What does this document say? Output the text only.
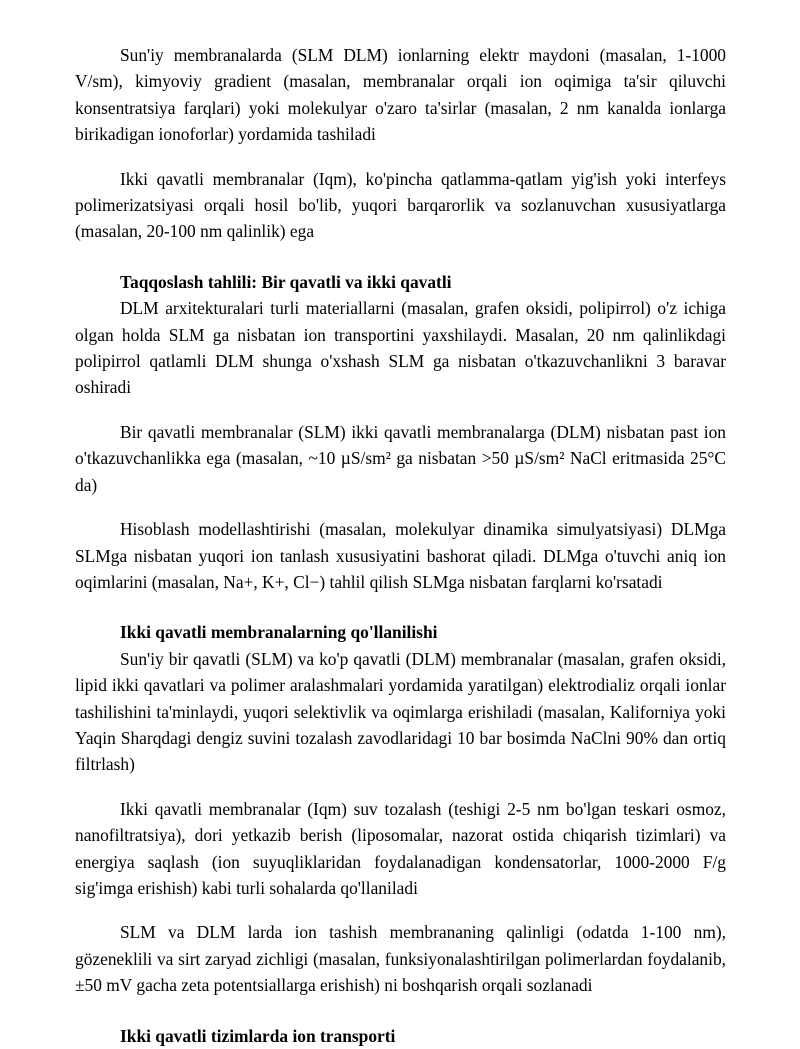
Sun'iy membranalarda (SLM DLM) ionlarning elektr maydoni (masalan, 1-1000 V/sm), kimyoviy gradient (masalan, membranalar orqali ion oqimiga ta'sir qiluvchi konsentratsiya farqlari) yoki molekulyar o'zaro ta'sirlar (masalan, 2 nm kanalda ionlarga birikadigan ionoforlar) yordamida tashiladi

Ikki qavatli membranalar (Iqm), ko'pincha qatlamma-qatlam yig'ish yoki interfeys polimerizatsiyasi orqali hosil bo'lib, yuqori barqarorlik va sozlanuvchan xususiyatlarga (masalan, 20-100 nm qalinlik) ega

Taqqoslash tahlili: Bir qavatli va ikki qavatli

DLM arxitekturalari turli materiallarni (masalan, grafen oksidi, polipirrol) o'z ichiga olgan holda SLM ga nisbatan ion transportini yaxshilaydi. Masalan, 20 nm qalinlikdagi polipirrol qatlamli DLM shunga o'xshash SLM ga nisbatan o'tkazuvchanlikni 3 baravar oshiradi

Bir qavatli membranalar (SLM) ikki qavatli membranalarga (DLM) nisbatan past ion o'tkazuvchanlikka ega (masalan, ~10 µS/sm² ga nisbatan >50 µS/sm² NaCl eritmasida 25°C da)

Hisoblash modellashtirishi (masalan, molekulyar dinamika simulyatsiyasi) DLMga SLMga nisbatan yuqori ion tanlash xususiyatini bashorat qiladi. DLMga o'tuvchi aniq ion oqimlarini (masalan, Na+, K+, Cl−) tahlil qilish SLMga nisbatan farqlarni ko'rsatadi

Ikki qavatli membranalarning qo'llanilishi

Sun'iy bir qavatli (SLM) va ko'p qavatli (DLM) membranalar (masalan, grafen oksidi, lipid ikki qavatlari va polimer aralashmalari yordamida yaratilgan) elektrodializ orqali ionlar tashilishini ta'minlaydi, yuqori selektivlik va oqimlarga erishiladi (masalan, Kaliforniya yoki Yaqin Sharqdagi dengiz suvini tozalash zavodlaridagi 10 bar bosimda NaClni 90% dan ortiq filtrlash)

Ikki qavatli membranalar (Iqm) suv tozalash (teshigi 2-5 nm bo'lgan teskari osmoz, nanofiltratsiya), dori yetkazib berish (liposomalar, nazorat ostida chiqarish tizimlari) va energiya saqlash (ion suyuqliklaridan foydalanadigan kondensatorlar, 1000-2000 F/g sig'imga erishish) kabi turli sohalarda qo'llaniladi

SLM va DLM larda ion tashish membrananing qalinligi (odatda 1-100 nm), gözeneklili va sirt zaryad zichligi (masalan, funksiyonalashtirilgan polimerlardan foydalanib, ±50 mV gacha zeta potentsiallarga erishish) ni boshqarish orqali sozlanadi

Ikki qavatli tizimlarda ion transporti
